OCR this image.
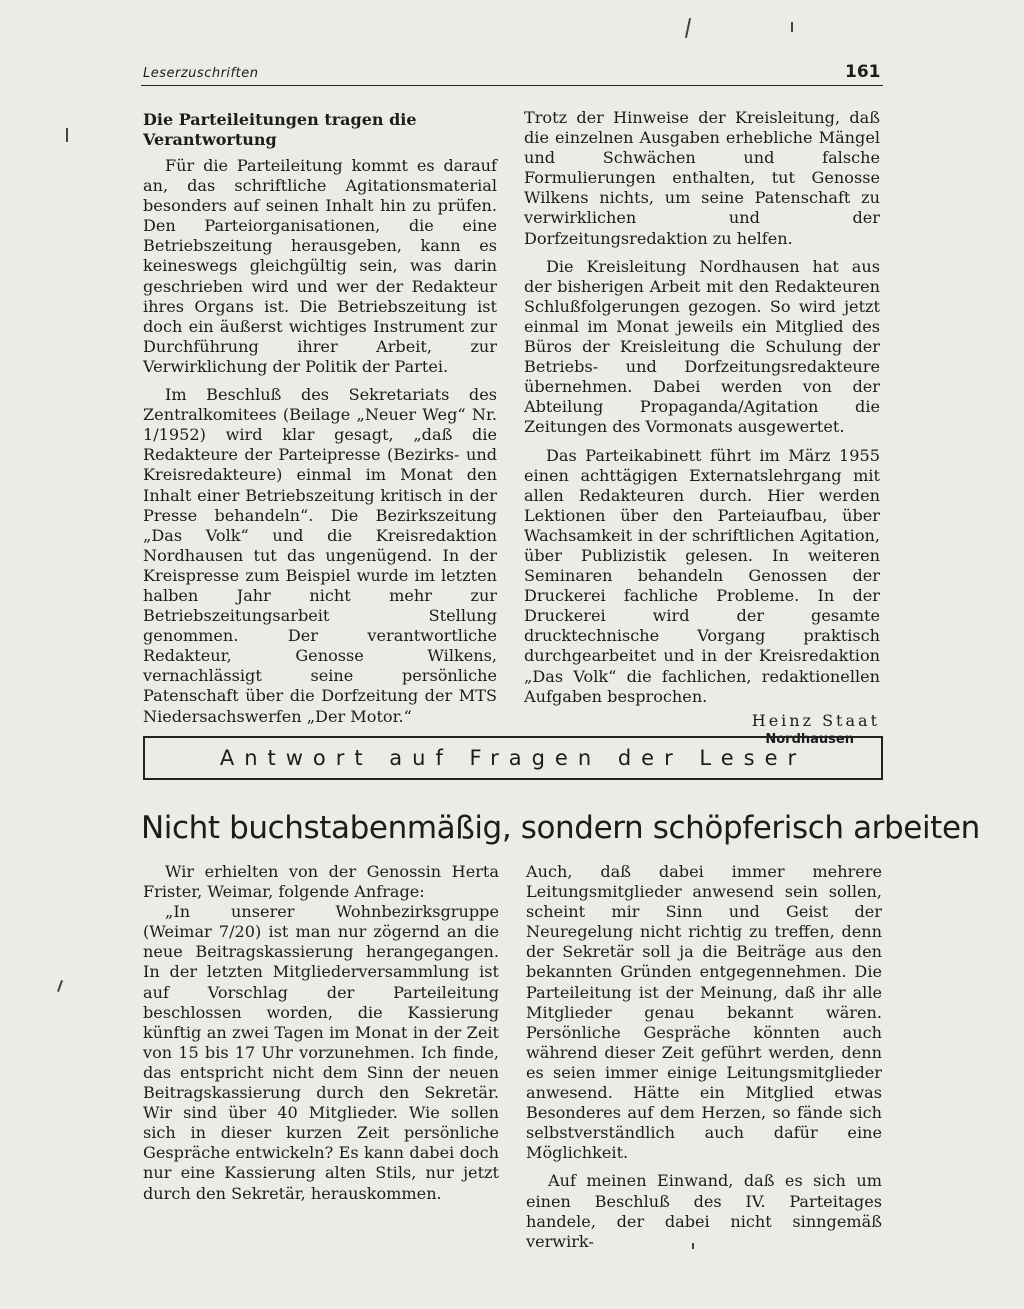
Leserzuschriften	161
Die Parteileitungen tragen die Verantwortung

Für die Parteileitung kommt es darauf an, das schriftliche Agitationsmaterial besonders auf seinen Inhalt hin zu prüfen. Den Parteiorganisationen, die eine Betriebszeitung herausgeben, kann es keineswegs gleichgültig sein, was darin geschrieben wird und wer der Redakteur ihres Organs ist. Die Betriebszeitung ist doch ein äußerst wichtiges Instrument zur Durchführung ihrer Arbeit, zur Verwirklichung der Politik der Partei.

Im Beschluß des Sekretariats des Zentralkomitees (Beilage „Neuer Weg“ Nr. 1/1952) wird klar gesagt, „daß die Redakteure der Parteipresse (Bezirks- und Kreisredakteure) einmal im Monat den Inhalt einer Betriebszeitung kritisch in der Presse behandeln“. Die Bezirkszeitung „Das Volk“ und die Kreisredaktion Nordhausen tut das ungenügend. In der Kreispresse zum Beispiel wurde im letzten halben Jahr nicht mehr zur Betriebszeitungsarbeit Stellung genommen. Der verantwortliche Redakteur, Genosse Wilkens, vernachlässigt seine persönliche Patenschaft über die Dorfzeitung der MTS Niedersachswerfen „Der Motor.“

Trotz der Hinweise der Kreisleitung, daß die einzelnen Ausgaben erhebliche Mängel und Schwächen und falsche Formulierungen enthalten, tut Genosse Wilkens nichts, um seine Patenschaft zu verwirklichen und der Dorfzeitungsredaktion zu helfen.

Die Kreisleitung Nordhausen hat aus der bisherigen Arbeit mit den Redakteuren Schlußfolgerungen gezogen. So wird jetzt einmal im Monat jeweils ein Mitglied des Büros der Kreisleitung die Schulung der Betriebs- und Dorfzeitungsredakteure übernehmen. Dabei werden von der Abteilung Propaganda/Agitation die Zeitungen des Vormonats ausgewertet.

Das Parteikabinett führt im März 1955 einen achttägigen Externatslehrgang mit allen Redakteuren durch. Hier werden Lektionen über den Parteiaufbau, über Wachsamkeit in der schriftlichen Agitation, über Publizistik gelesen. In weiteren Seminaren behandeln Genossen der Druckerei fachliche Probleme. In der Druckerei wird der gesamte drucktechnische Vorgang praktisch durchgearbeitet und in der Kreisredaktion „Das Volk“ die fachlichen, redaktionellen Aufgaben besprochen.

Heinz Staat
Nordhausen
Antwort auf Fragen der Leser
Nicht buchstabenmäßig, sondern schöpferisch arbeiten

Wir erhielten von der Genossin Herta Frister, Weimar, folgende Anfrage:

„In unserer Wohnbezirksgruppe (Weimar 7/20) ist man nur zögernd an die neue Beitragskassierung herangegangen. In der letzten Mitgliederversammlung ist auf Vorschlag der Parteileitung beschlossen worden, die Kassierung künftig an zwei Tagen im Monat in der Zeit von 15 bis 17 Uhr vorzunehmen. Ich finde, das entspricht nicht dem Sinn der neuen Beitragskassierung durch den Sekretär. Wir sind über 40 Mitglieder. Wie sollen sich in dieser kurzen Zeit persönliche Gespräche entwickeln? Es kann dabei doch nur eine Kassierung alten Stils, nur jetzt durch den Sekretär, herauskommen.

Auch, daß dabei immer mehrere Leitungsmitglieder anwesend sein sollen, scheint mir Sinn und Geist der Neuregelung nicht richtig zu treffen, denn der Sekretär soll ja die Beiträge aus den bekannten Gründen entgegennehmen. Die Parteileitung ist der Meinung, daß ihr alle Mitglieder genau bekannt wären. Persönliche Gespräche könnten auch während dieser Zeit geführt werden, denn es seien immer einige Leitungsmitglieder anwesend. Hätte ein Mitglied etwas Besonderes auf dem Herzen, so fände sich selbstverständlich auch dafür eine Möglichkeit.

Auf meinen Einwand, daß es sich um einen Beschluß des IV. Parteitages handele, der dabei nicht sinngemäß verwirk-
